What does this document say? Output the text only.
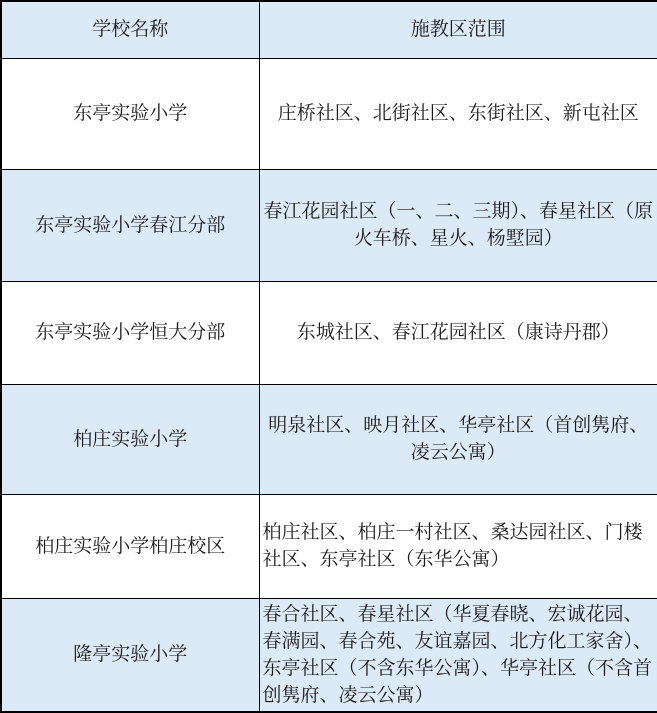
学校名称	施教区范围
东亭实验小学	庄桥社区、北街社区、东街社区、新屯社区
东亭实验小学春江分部	春江花园社区（一、二、三期）、春星社区（原火车桥、星火、杨墅园）
东亭实验小学恒大分部	东城社区、春江花园社区（康诗丹郡）
柏庄实验小学	明泉社区、映月社区、华亭社区（首创隽府、凌云公寓）
柏庄实验小学柏庄校区	柏庄社区、柏庄一村社区、桑达园社区、门楼社区、东亭社区（东华公寓）
隆亭实验小学	春合社区、春星社区（华夏春晓、宏诚花园、春满园、春合苑、友谊嘉园、北方化工家舍）、东亭社区（不含东华公寓）、华亭社区（不含首创隽府、凌云公寓）
